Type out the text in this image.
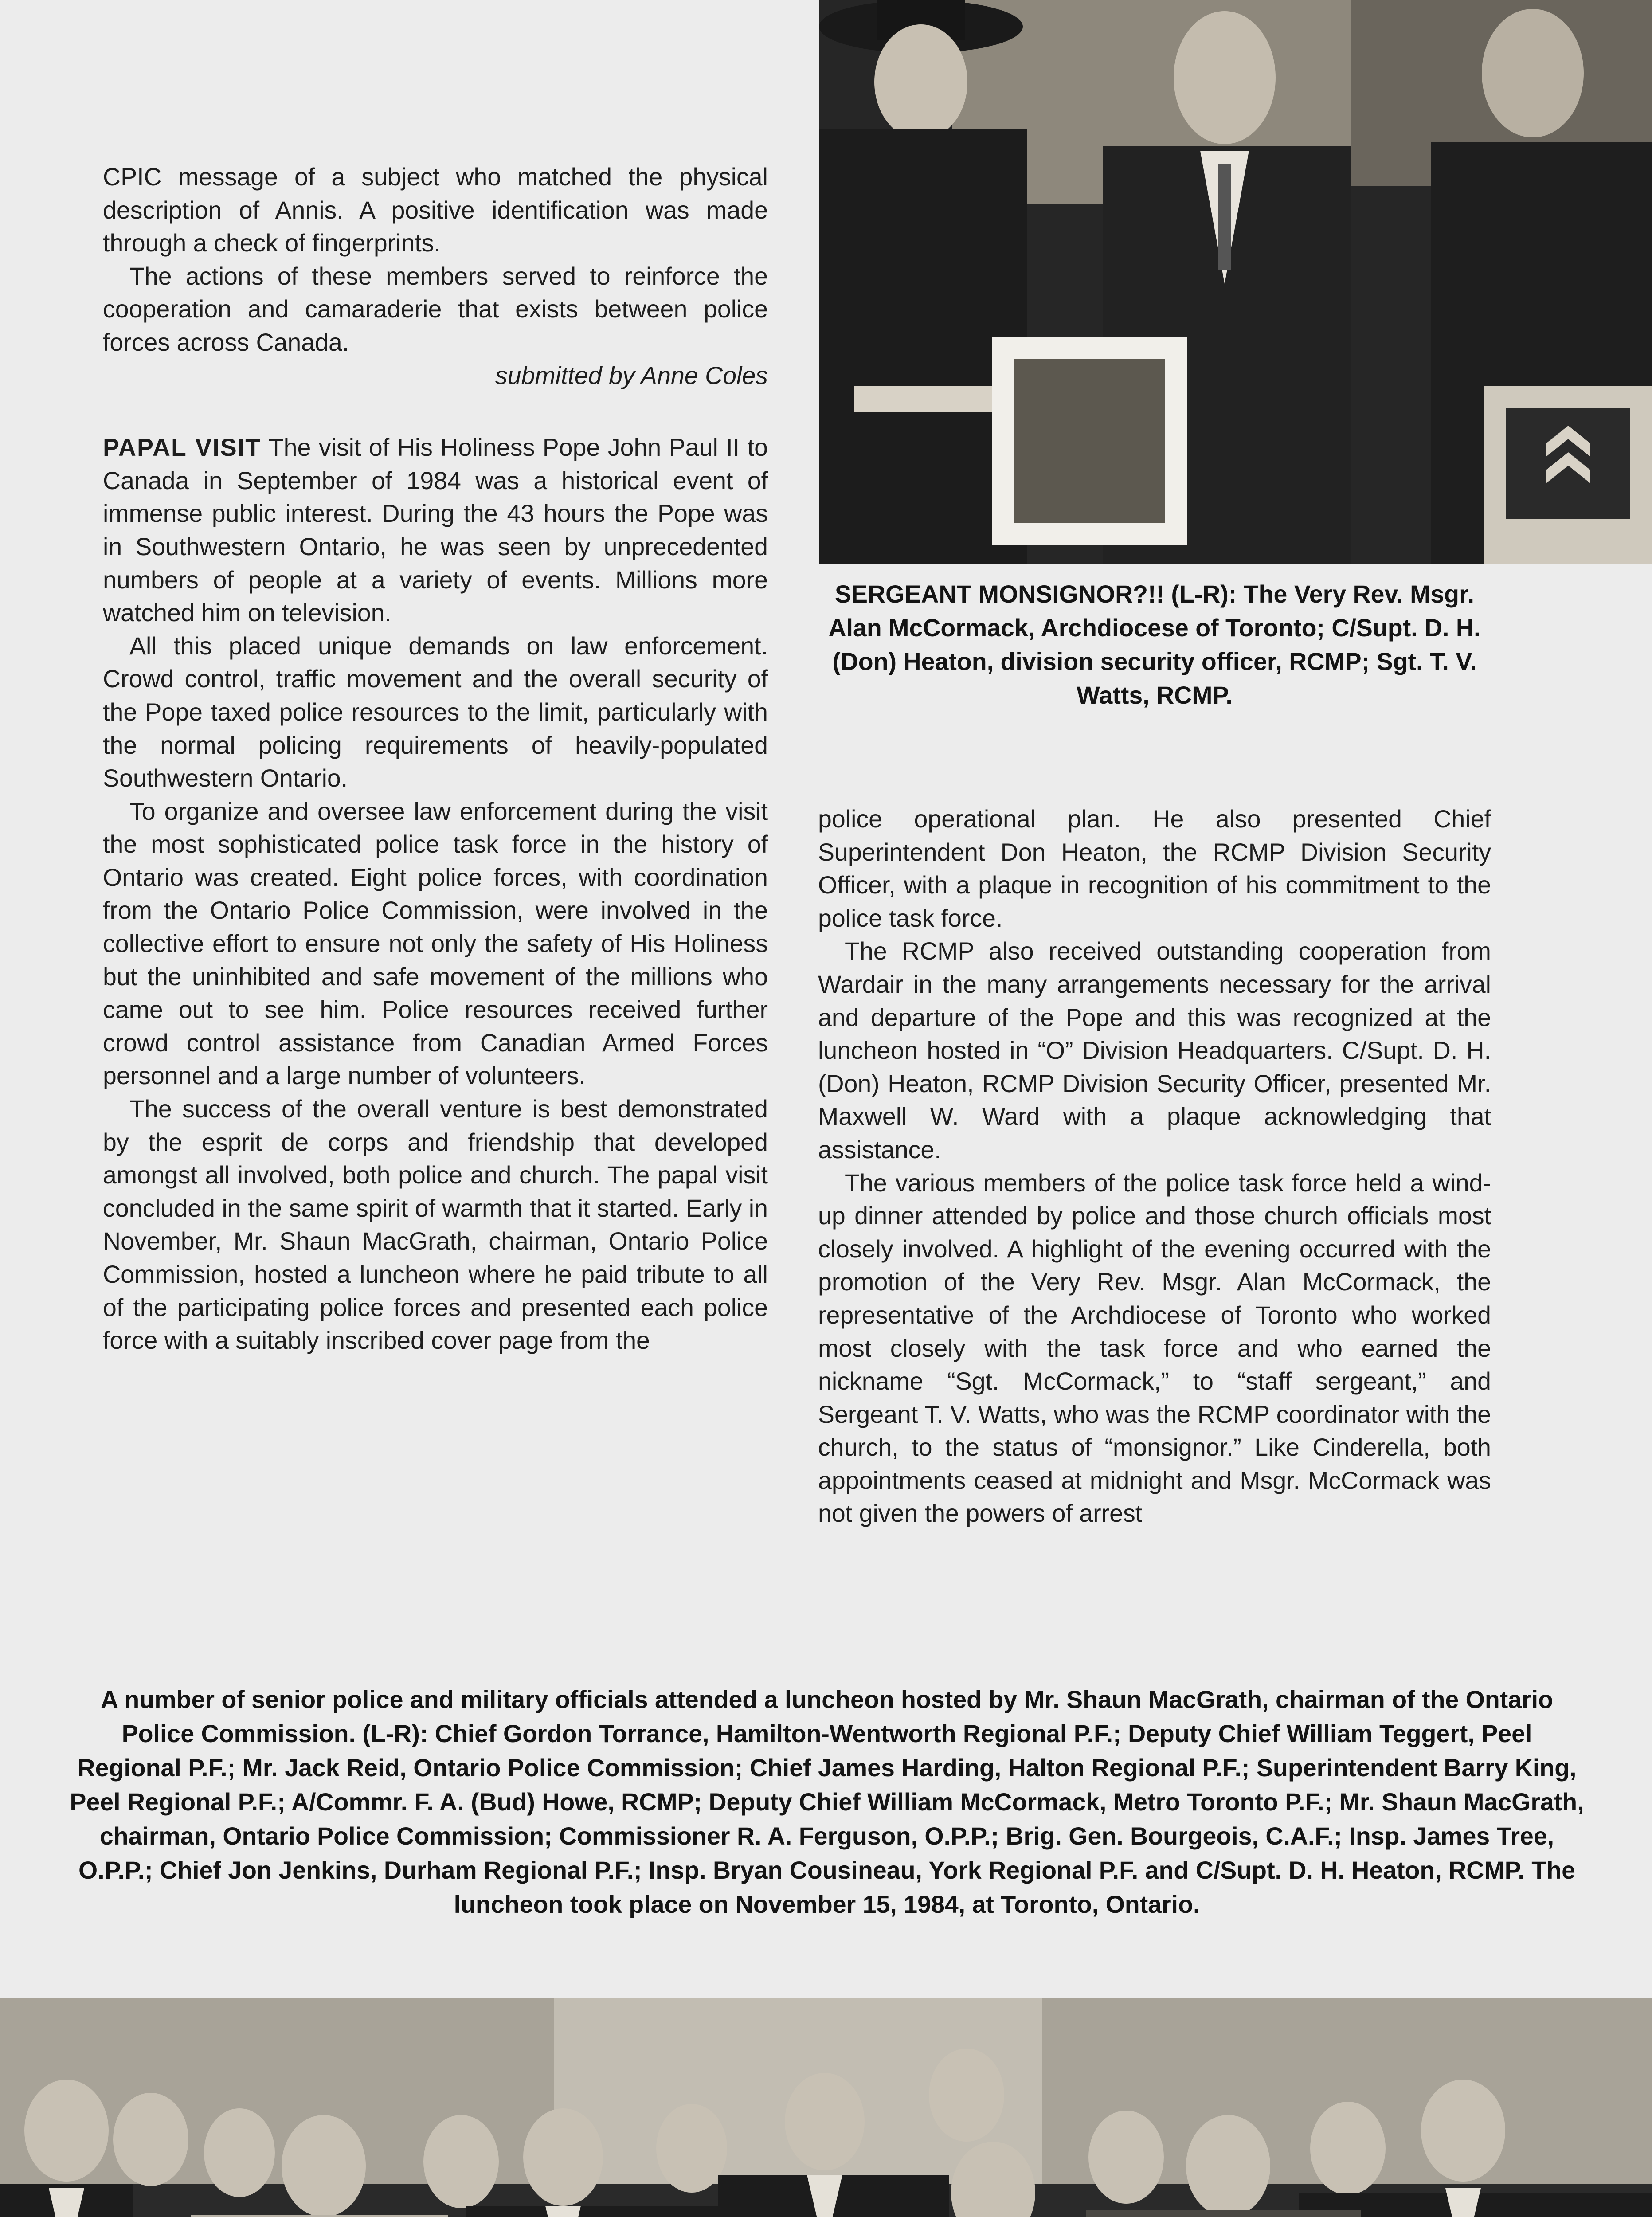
CPIC message of a subject who matched the physical description of Annis. A positive identification was made through a check of fingerprints.

The actions of these members served to reinforce the cooperation and camaraderie that exists between police forces across Canada.

submitted by Anne Coles

PAPAL VISIT The visit of His Holiness Pope John Paul II to Canada in September of 1984 was a historical event of immense public interest. During the 43 hours the Pope was in Southwestern Ontario, he was seen by unprecedented numbers of people at a variety of events. Millions more watched him on television.

All this placed unique demands on law enforcement. Crowd control, traffic movement and the overall security of the Pope taxed police resources to the limit, particularly with the normal policing requirements of heavily-populated Southwestern Ontario.

To organize and oversee law enforcement during the visit the most sophisticated police task force in the history of Ontario was created. Eight police forces, with coordination from the Ontario Police Commission, were involved in the collective effort to ensure not only the safety of His Holiness but the uninhibited and safe movement of the millions who came out to see him. Police resources received further crowd control assistance from Canadian Armed Forces personnel and a large number of volunteers.

The success of the overall venture is best demonstrated by the esprit de corps and friendship that developed amongst all involved, both police and church. The papal visit concluded in the same spirit of warmth that it started. Early in November, Mr. Shaun MacGrath, chairman, Ontario Police Commission, hosted a luncheon where he paid tribute to all of the participating police forces and presented each police force with a suitably inscribed cover page from the

SERGEANT MONSIGNOR?!! (L-R): The Very Rev. Msgr. Alan McCormack, Archdiocese of Toronto; C/Supt. D. H. (Don) Heaton, division security officer, RCMP; Sgt. T. V. Watts, RCMP.

police operational plan. He also presented Chief Superintendent Don Heaton, the RCMP Division Security Officer, with a plaque in recognition of his commitment to the police task force.

The RCMP also received outstanding cooperation from Wardair in the many arrangements necessary for the arrival and departure of the Pope and this was recognized at the luncheon hosted in “O” Division Headquarters. C/Supt. D. H. (Don) Heaton, RCMP Division Security Officer, presented Mr. Maxwell W. Ward with a plaque acknowledging that assistance.

The various members of the police task force held a wind-up dinner attended by police and those church officials most closely involved. A highlight of the evening occurred with the promotion of the Very Rev. Msgr. Alan McCormack, the representative of the Archdiocese of Toronto who worked most closely with the task force and who earned the nickname “Sgt. McCormack,” to “staff sergeant,” and Sergeant T. V. Watts, who was the RCMP coordinator with the church, to the status of “monsignor.” Like Cinderella, both appointments ceased at midnight and Msgr. McCormack was not given the powers of arrest

A number of senior police and military officials attended a luncheon hosted by Mr. Shaun MacGrath, chairman of the Ontario Police Commission. (L-R): Chief Gordon Torrance, Hamilton-Wentworth Regional P.F.; Deputy Chief William Teggert, Peel Regional P.F.; Mr. Jack Reid, Ontario Police Commission; Chief James Harding, Halton Regional P.F.; Superintendent Barry King, Peel Regional P.F.; A/Commr. F. A. (Bud) Howe, RCMP; Deputy Chief William McCormack, Metro Toronto P.F.; Mr. Shaun MacGrath, chairman, Ontario Police Commission; Commissioner R. A. Ferguson, O.P.P.; Brig. Gen. Bourgeois, C.A.F.; Insp. James Tree, O.P.P.; Chief Jon Jenkins, Durham Regional P.F.; Insp. Bryan Cousineau, York Regional P.F. and C/Supt. D. H. Heaton, RCMP. The luncheon took place on November 15, 1984, at Toronto, Ontario.
